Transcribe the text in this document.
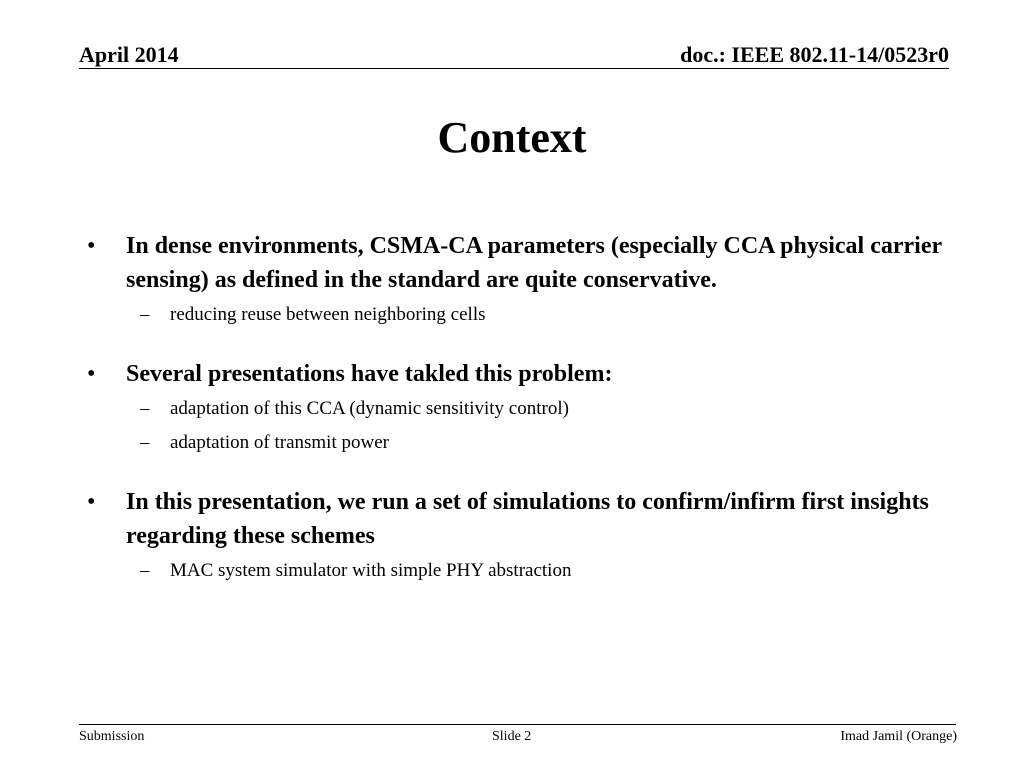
April 2014	doc.: IEEE 802.11-14/0523r0
Context
• In dense environments, CSMA-CA parameters (especially CCA physical carrier sensing) as defined in the standard are quite conservative.
– reducing reuse between neighboring cells
• Several presentations have takled this problem:
– adaptation of this CCA (dynamic sensitivity control)
– adaptation of transmit power
• In this presentation, we run a set of simulations to confirm/infirm first insights regarding these schemes
– MAC system simulator with simple PHY abstraction
Submission	Slide 2	Imad Jamil (Orange)
